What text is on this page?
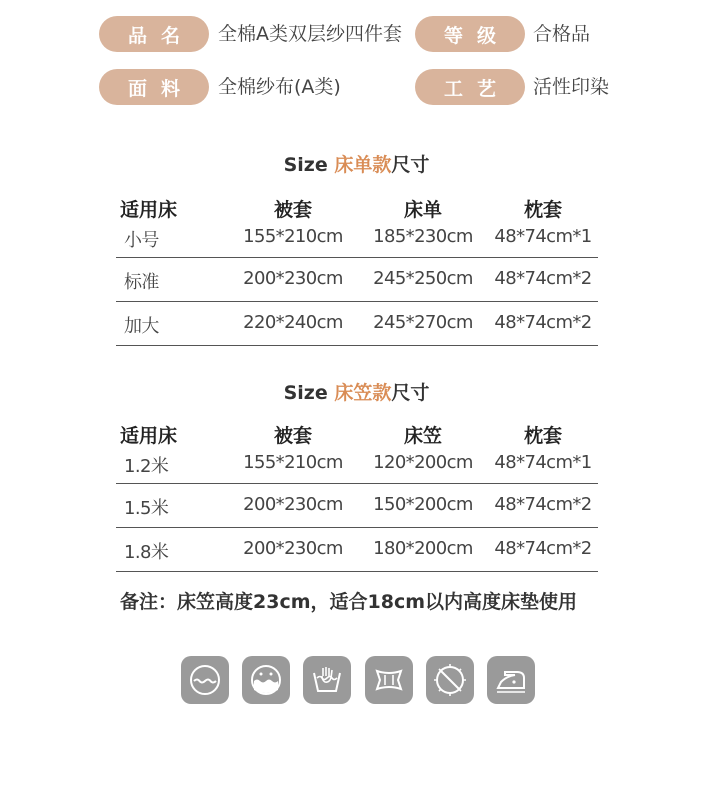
品名 全棉A类双层纱四件套	等级 合格品
面料 全棉纱布(A类)	工艺 活性印染
Size 床单款尺寸
适用床	被套	床单	枕套
小号	155*210cm 185*230cm 48*74cm*1
标准	200*230cm 245*250cm 48*74cm*2
加大	220*240cm 245*270cm 48*74cm*2
Size 床笠款尺寸
适用床	被套	床笠	枕套
1.2米	155*210cm 120*200cm 48*74cm*1
1.5米	200*230cm 150*200cm 48*74cm*2
1.8米	200*230cm 180*200cm 48*74cm*2
备注：床笠高度23cm，适合18cm以内高度床垫使用
